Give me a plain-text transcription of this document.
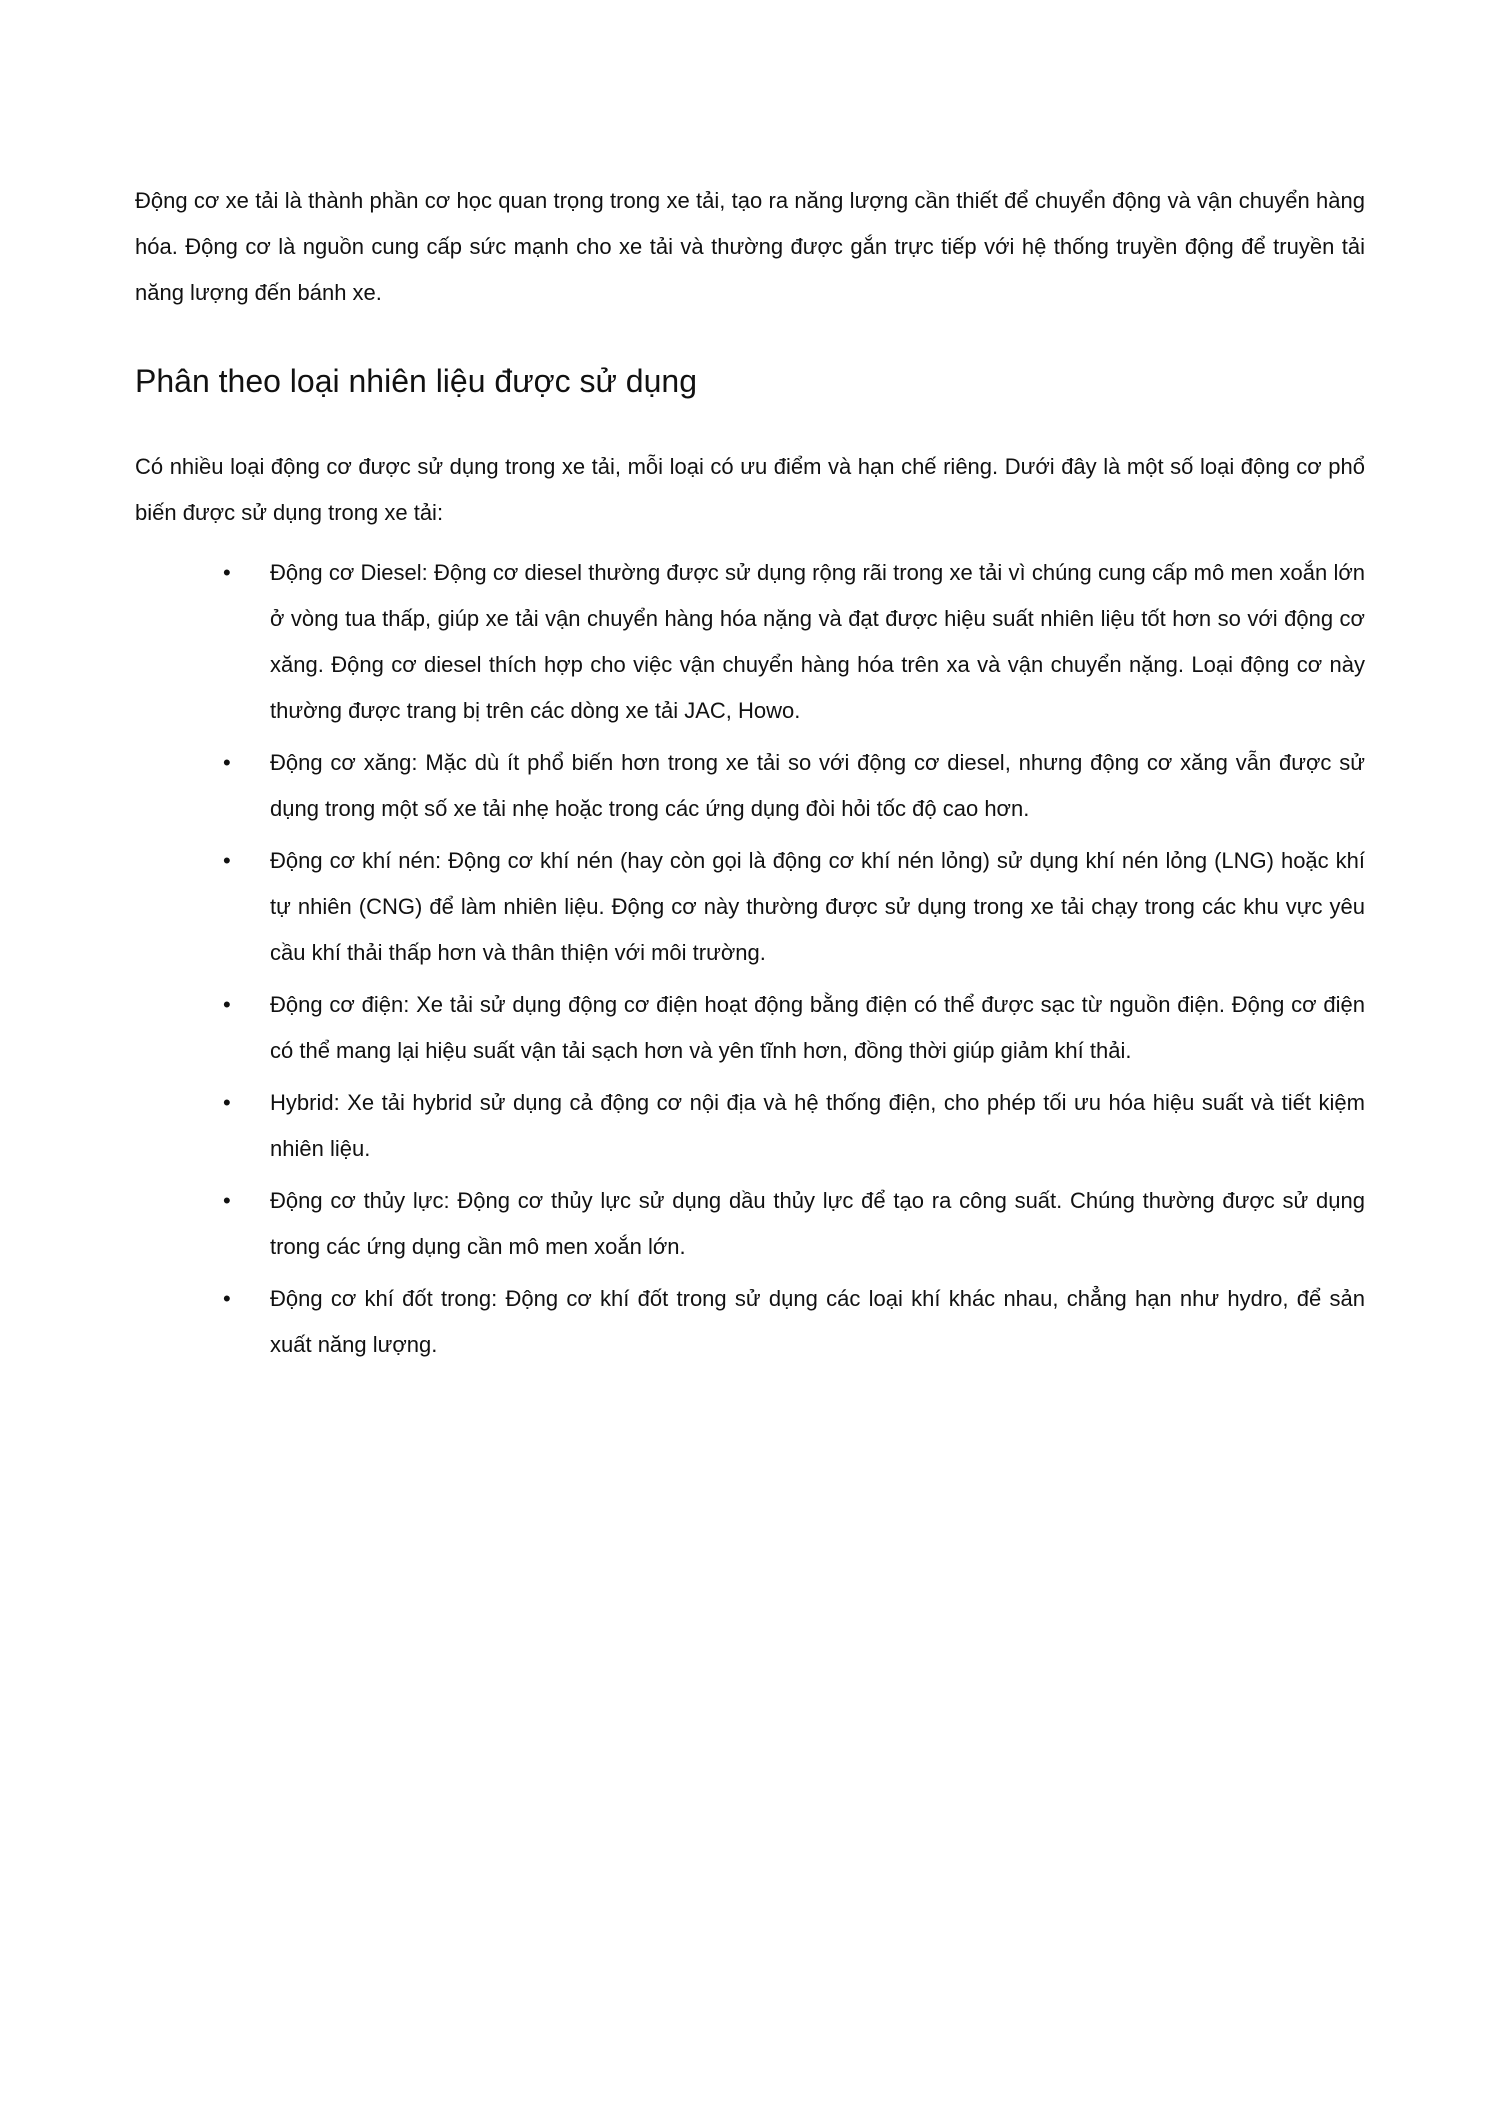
Động cơ xe tải là thành phần cơ học quan trọng trong xe tải, tạo ra năng lượng cần thiết để chuyển động và vận chuyển hàng hóa. Động cơ là nguồn cung cấp sức mạnh cho xe tải và thường được gắn trực tiếp với hệ thống truyền động để truyền tải năng lượng đến bánh xe.

Phân theo loại nhiên liệu được sử dụng

Có nhiều loại động cơ được sử dụng trong xe tải, mỗi loại có ưu điểm và hạn chế riêng. Dưới đây là một số loại động cơ phổ biến được sử dụng trong xe tải:

•	Động cơ Diesel: Động cơ diesel thường được sử dụng rộng rãi trong xe tải vì chúng cung cấp mô men xoắn lớn ở vòng tua thấp, giúp xe tải vận chuyển hàng hóa nặng và đạt được hiệu suất nhiên liệu tốt hơn so với động cơ xăng. Động cơ diesel thích hợp cho việc vận chuyển hàng hóa trên xa và vận chuyển nặng. Loại động cơ này thường được trang bị trên các dòng xe tải JAC, Howo.
•	Động cơ xăng: Mặc dù ít phổ biến hơn trong xe tải so với động cơ diesel, nhưng động cơ xăng vẫn được sử dụng trong một số xe tải nhẹ hoặc trong các ứng dụng đòi hỏi tốc độ cao hơn.
•	Động cơ khí nén: Động cơ khí nén (hay còn gọi là động cơ khí nén lỏng) sử dụng khí nén lỏng (LNG) hoặc khí tự nhiên (CNG) để làm nhiên liệu. Động cơ này thường được sử dụng trong xe tải chạy trong các khu vực yêu cầu khí thải thấp hơn và thân thiện với môi trường.
•	Động cơ điện: Xe tải sử dụng động cơ điện hoạt động bằng điện có thể được sạc từ nguồn điện. Động cơ điện có thể mang lại hiệu suất vận tải sạch hơn và yên tĩnh hơn, đồng thời giúp giảm khí thải.
•	Hybrid: Xe tải hybrid sử dụng cả động cơ nội địa và hệ thống điện, cho phép tối ưu hóa hiệu suất và tiết kiệm nhiên liệu.
•	Động cơ thủy lực: Động cơ thủy lực sử dụng dầu thủy lực để tạo ra công suất. Chúng thường được sử dụng trong các ứng dụng cần mô men xoắn lớn.
•	Động cơ khí đốt trong: Động cơ khí đốt trong sử dụng các loại khí khác nhau, chẳng hạn như hydro, để sản xuất năng lượng.
